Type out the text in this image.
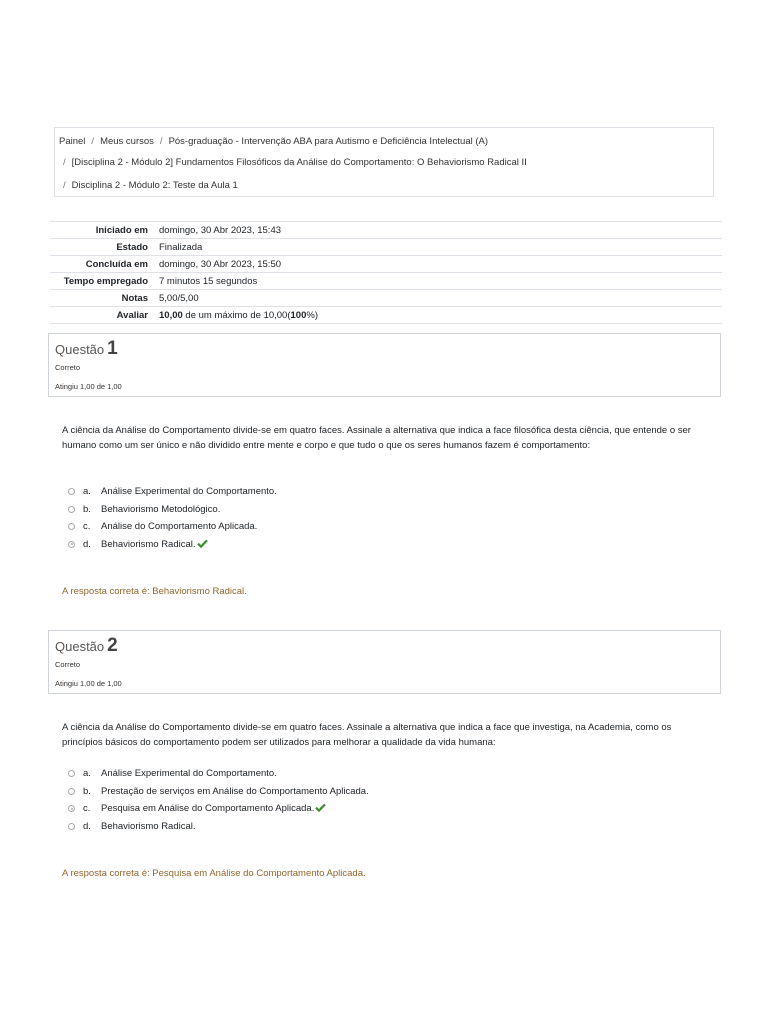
Painel / Meus cursos / Pós-graduação - Intervenção ABA para Autismo e Deficiência Intelectual (A)
/ [Disciplina 2 - Módulo 2] Fundamentos Filosóficos da Análise do Comportamento: O Behaviorismo Radical II
/ Disciplina 2 - Módulo 2: Teste da Aula 1
Iniciado em	domingo, 30 Abr 2023, 15:43
Estado	Finalizada
Concluída em	domingo, 30 Abr 2023, 15:50
Tempo empregado	7 minutos 15 segundos
Notas	5,00/5,00
Avaliar	10,00 de um máximo de 10,00(100%)
Questão 1
Correto
Atingiu 1,00 de 1,00
A ciência da Análise do Comportamento divide-se em quatro faces. Assinale a alternativa que indica a face filosófica desta ciência, que entende o ser humano como um ser único e não dividido entre mente e corpo e que tudo o que os seres humanos fazem é comportamento:
a. Análise Experimental do Comportamento.
b. Behaviorismo Metodológico.
c. Análise do Comportamento Aplicada.
d. Behaviorismo Radical.
A resposta correta é: Behaviorismo Radical.
Questão 2
Correto
Atingiu 1,00 de 1,00
A ciência da Análise do Comportamento divide-se em quatro faces. Assinale a alternativa que indica a face que investiga, na Academia, como os princípios básicos do comportamento podem ser utilizados para melhorar a qualidade da vida humana:
a. Análise Experimental do Comportamento.
b. Prestação de serviços em Análise do Comportamento Aplicada.
c. Pesquisa em Análise do Comportamento Aplicada.
d. Behaviorismo Radical.
A resposta correta é: Pesquisa em Análise do Comportamento Aplicada.
